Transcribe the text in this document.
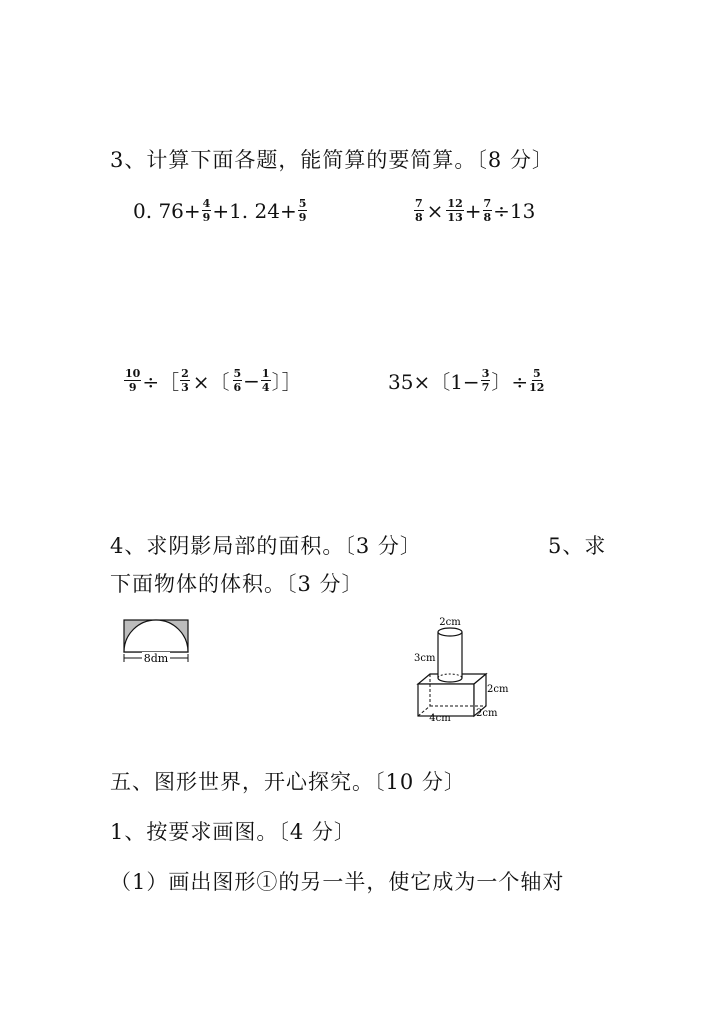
3、计算下面各题，能简算的要简算。〔8 分〕
0. $76+ \frac{4}{9} +1$. $24+ \frac{5}{9}$	$\frac{7}{8} \times \frac{12}{13} + \frac{7}{8} \div 13$
$\frac{10}{9}$ ÷［ $\frac{2}{3}$ ×〔 $\frac{5}{6} - \frac{1}{4}$ 〕］	35×〔$1- \frac{3}{7}$ 〕÷ $\frac{5}{12}$
4、求阴影局部的面积。〔3 分〕	5、求
下面物体的体积。〔3 分〕
8dm
2cm
3cm
2cm
4cm	2cm
五、图形世界，开心探究。〔10 分〕
1、按要求画图。〔4 分〕
（1）画出图形①的另一半，使它成为一个轴对
